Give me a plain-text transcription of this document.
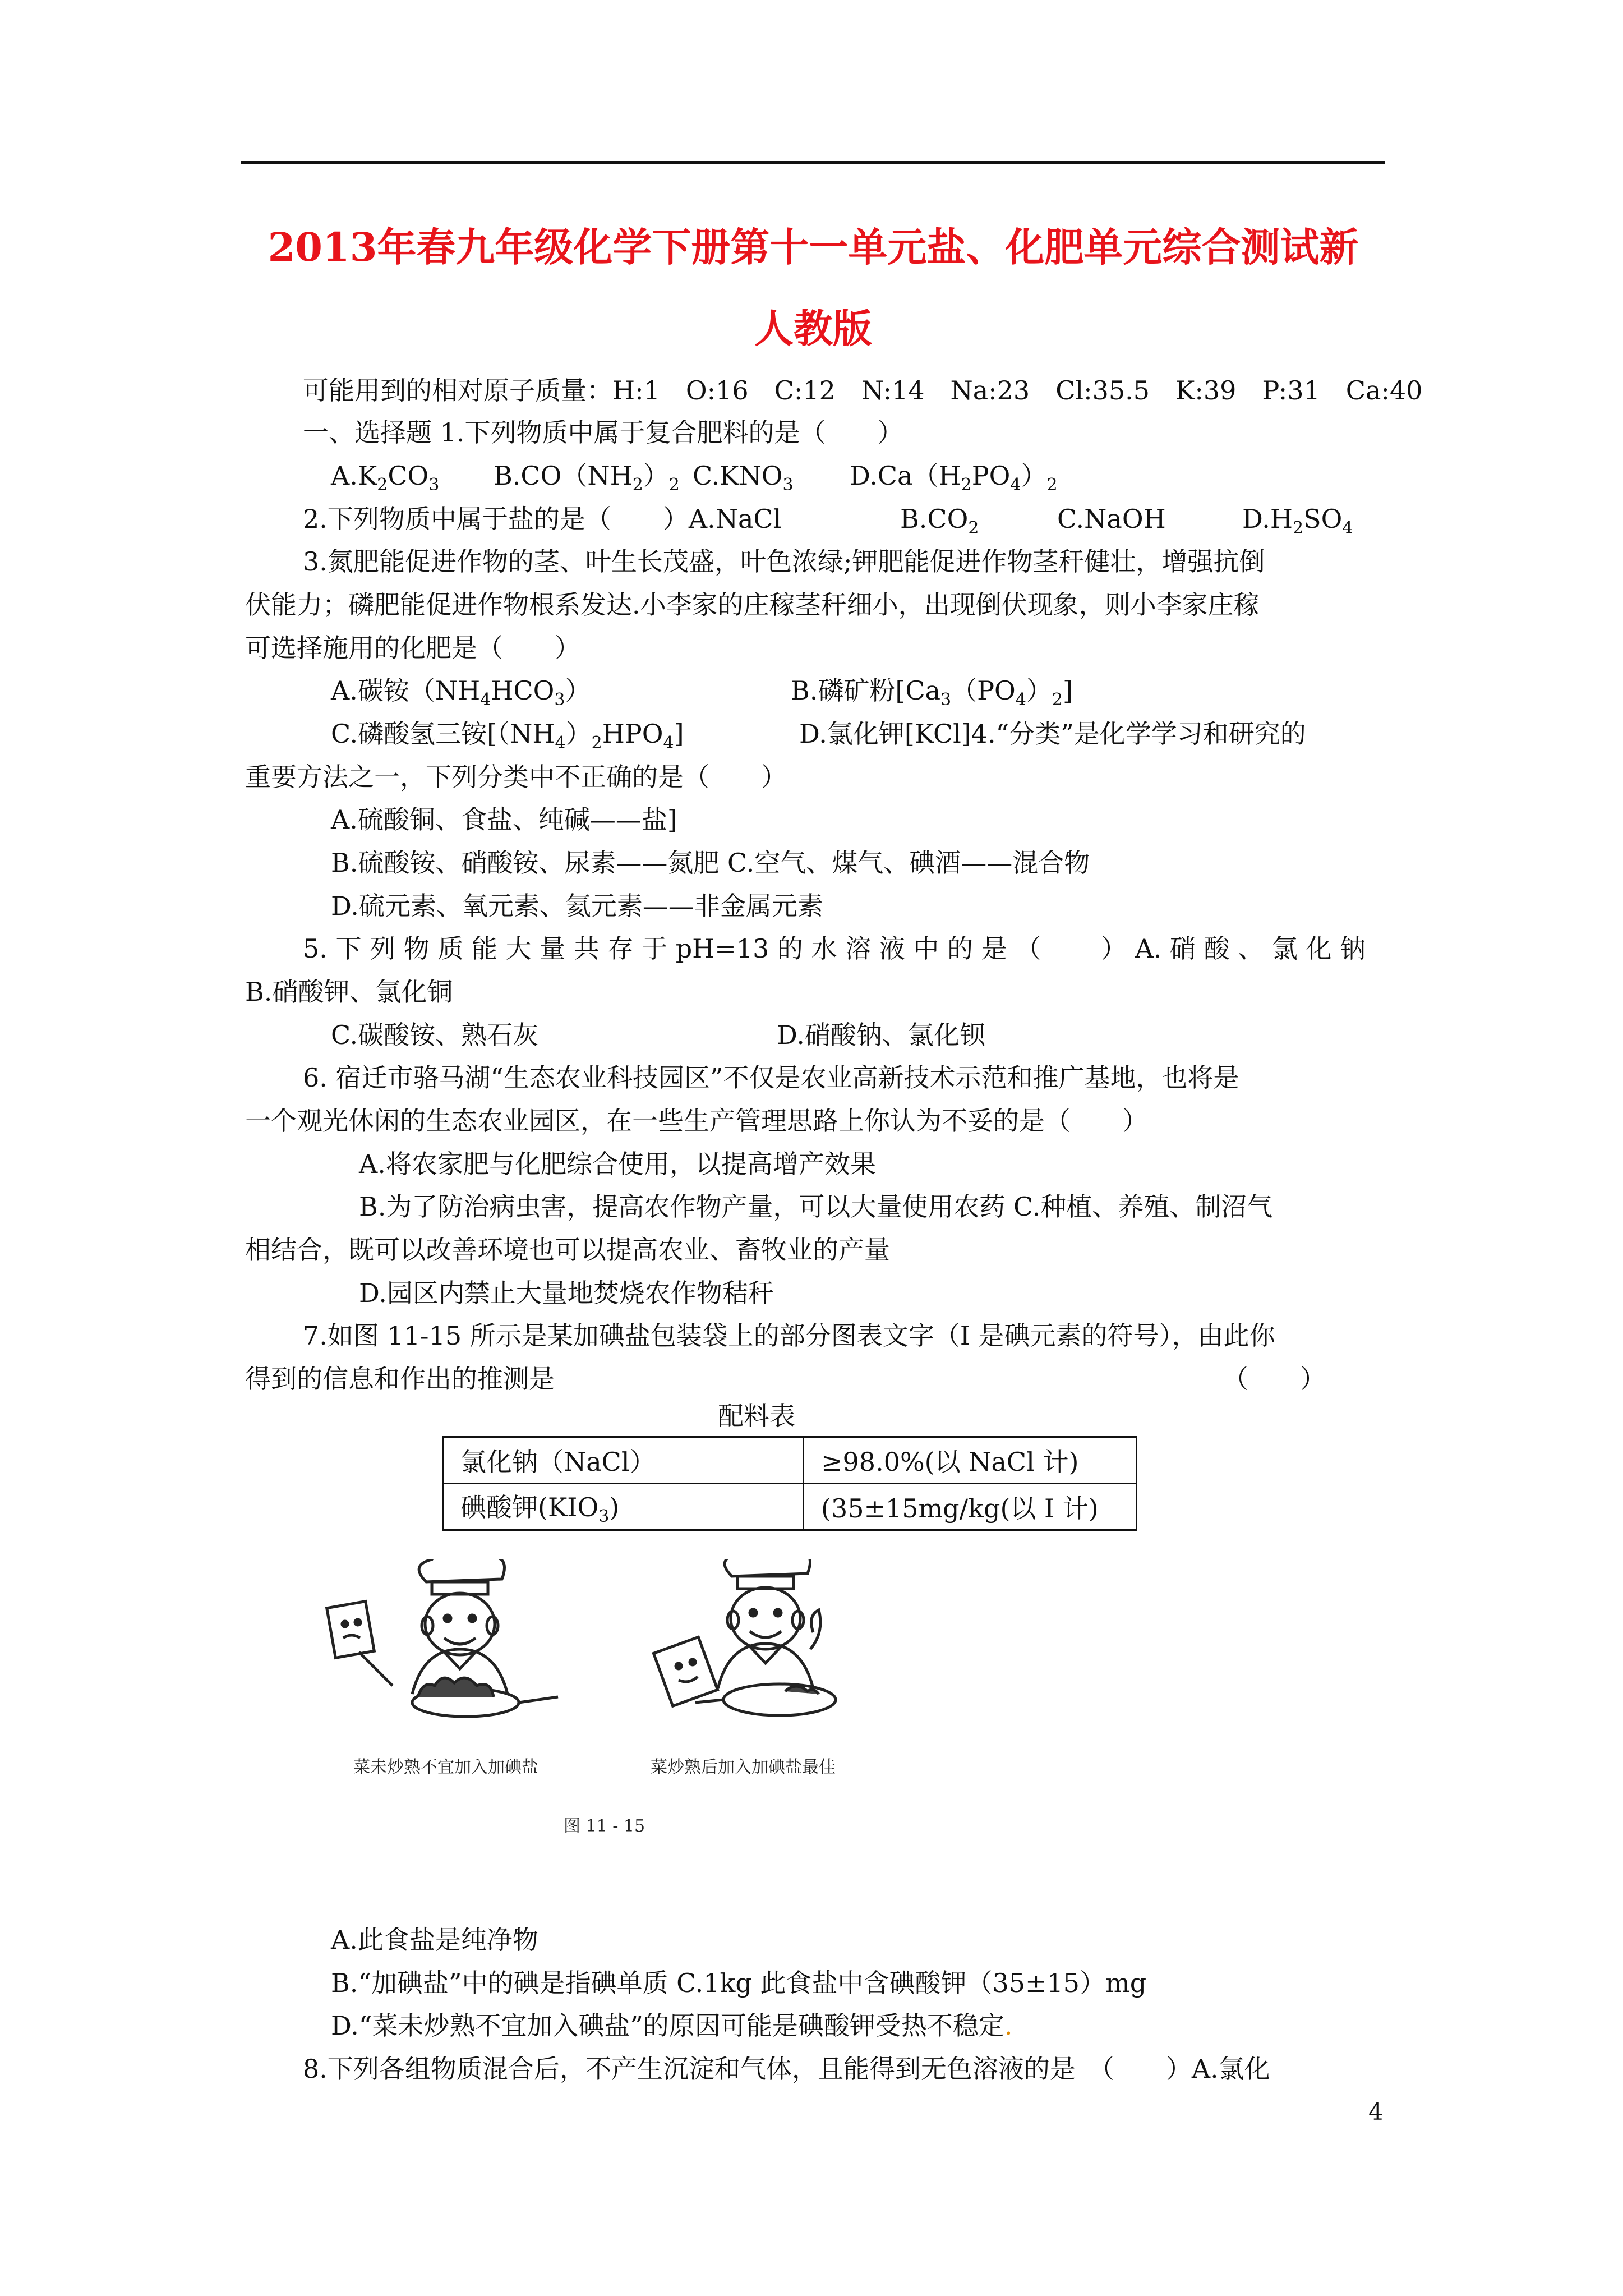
2013年春九年级化学下册第十一单元盐、化肥单元综合测试新
人教版
可能用到的相对原子质量：H:1　O:16　C:12　N:14　Na:23　Cl:35.5　K:39　P:31　Ca:40
一、选择题 1.下列物质中属于复合肥料的是（　　）
$A.K_2CO_3$ $B.CO(NH_2)_2$ $C.KNO_3$ $D.Ca(H_2PO_4)_2$
2.下列物质中属于盐的是（　　）A.NaCl	$B.CO_2$	C.NaOH	$D.H_2SO_4$
3.氮肥能促进作物的茎、叶生长茂盛，叶色浓绿;钾肥能促进作物茎秆健壮，增强抗倒
伏能力；磷肥能促进作物根系发达.小李家的庄稼茎秆细小，出现倒伏现象，则小李家庄稼
可选择施用的化肥是（　　）
A.碳铵$(NH_4HCO_3)$	B.磷矿粉$[Ca_3(PO_4)_2]$
C.磷酸氢三铵$[(NH_4)_2HPO_4]$	D.氯化钾[KCl]4.“分类”是化学学习和研究的
重要方法之一，下列分类中不正确的是（　　）
A.硫酸铜、食盐、纯碱——盐]
B.硫酸铵、硝酸铵、尿素——氮肥 C.空气、煤气、碘酒——混合物
D.硫元素、氧元素、氦元素——非金属元素
5. 下 列 物 质 能 大 量 共 存 于 pH=13 的 水 溶 液 中 的 是 （　　 ） A. 硝 酸 、 氯 化 钠
B.硝酸钾、氯化铜
C.碳酸铵、熟石灰	D.硝酸钠、氯化钡
6. 宿迁市骆马湖“生态农业科技园区”不仅是农业高新技术示范和推广基地，也将是
一个观光休闲的生态农业园区，在一些生产管理思路上你认为不妥的是（　　）
A.将农家肥与化肥综合使用，以提高增产效果
B.为了防治病虫害，提高农作物产量，可以大量使用农药 C.种植、养殖、制沼气
相结合，既可以改善环境也可以提高农业、畜牧业的产量
D.园区内禁止大量地焚烧农作物秸秆
7.如图 11-15 所示是某加碘盐包装袋上的部分图表文字（I 是碘元素的符号），由此你
得到的信息和作出的推测是	（　　）
配料表
氯化钠（NaCl）	≥98.0%(以 NaCl 计)
碘酸钾$(KIO_3)$	(35±15mg/kg(以 I 计)
菜未炒熟不宜加入加碘盐	菜炒熟后加入加碘盐最佳
图 11 - 15
A.此食盐是纯净物
B.“加碘盐”中的碘是指碘单质 C.1kg 此食盐中含碘酸钾（35±15）mg
D.“菜未炒熟不宜加入碘盐”的原因可能是碘酸钾受热不稳定.
8.下列各组物质混合后，不产生沉淀和气体，且能得到无色溶液的是　（　　）A.氯化
4
